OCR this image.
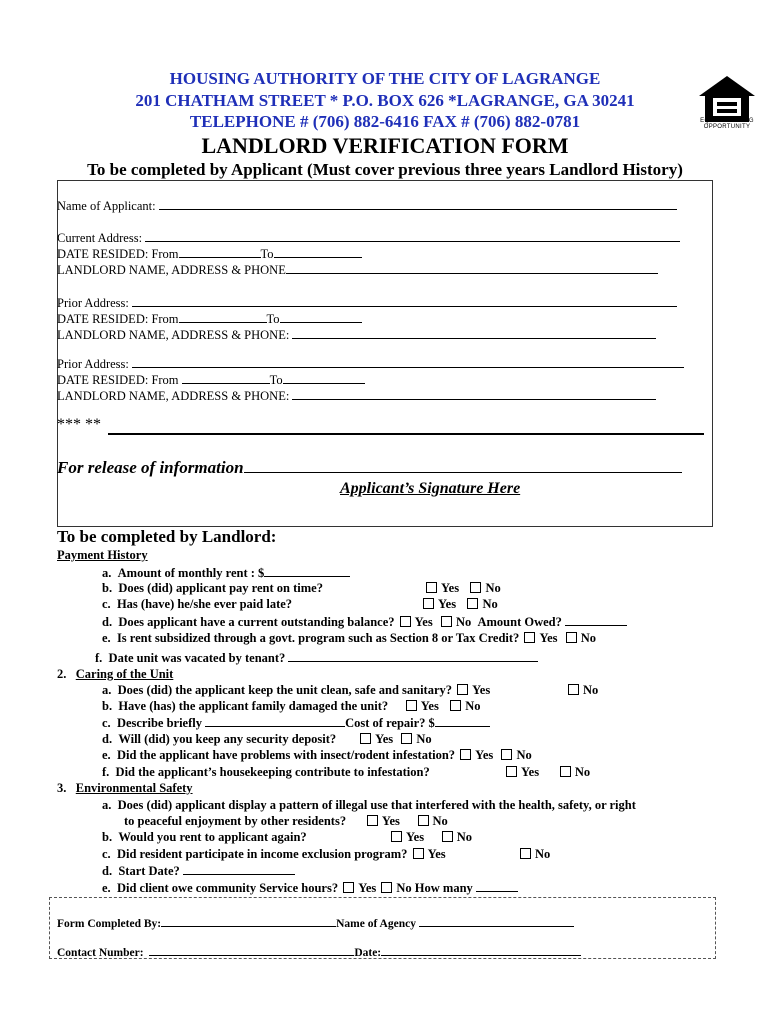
HOUSING AUTHORITY OF THE CITY OF LAGRANGE
201 CHATHAM STREET * P.O. BOX 626 *LAGRANGE, GA 30241
TELEPHONE # (706) 882-6416 FAX # (706) 882-0781	EQUAL HOUSING
OPPORTUNITY
LANDLORD VERIFICATION FORM
To be completed by Applicant (Must cover previous three years Landlord History)
Name of Applicant:
Current Address:
DATE RESIDED: From	To
LANDLORD NAME, ADDRESS & PHONE
Prior Address:
DATE RESIDED: From	To
LANDLORD NAME, ADDRESS & PHONE:
Prior Address:
DATE RESIDED: From	To
LANDLORD NAME, ADDRESS & PHONE:
*** **
For release of information
Applicant’s Signature Here
To be completed by Landlord:
Payment History
a. Amount of monthly rent : $
b. Does (did) applicant pay rent on time?	Yes No
c. Has (have) he/she ever paid late?	Yes No
d. Does applicant have a current outstanding balance? Yes No Amount Owed?
e. Is rent subsidized through a govt. program such as Section 8 or Tax Credit? Yes No
f. Date unit was vacated by tenant?
2. Caring of the Unit
a. Does (did) the applicant keep the unit clean, safe and sanitary? Yes	No
b. Have (has) the applicant family damaged the unit?	Yes No
c. Describe briefly	Cost of repair? $
d. Will (did) you keep any security deposit?	Yes No
e. Did the applicant have problems with insect/rodent infestation? Yes No
f. Did the applicant’s housekeeping contribute to infestation?	Yes	No
3. Environmental Safety
a. Does (did) applicant display a pattern of illegal use that interfered with the health, safety, or right
to peaceful enjoyment by other residents?	Yes	No
b. Would you rent to applicant again?	Yes	No
c. Did resident participate in income exclusion program? Yes	No
d. Start Date?
e. Did client owe community Service hours? Yes No How many
Form Completed By:	Name of Agency
Contact Number:	Date:
